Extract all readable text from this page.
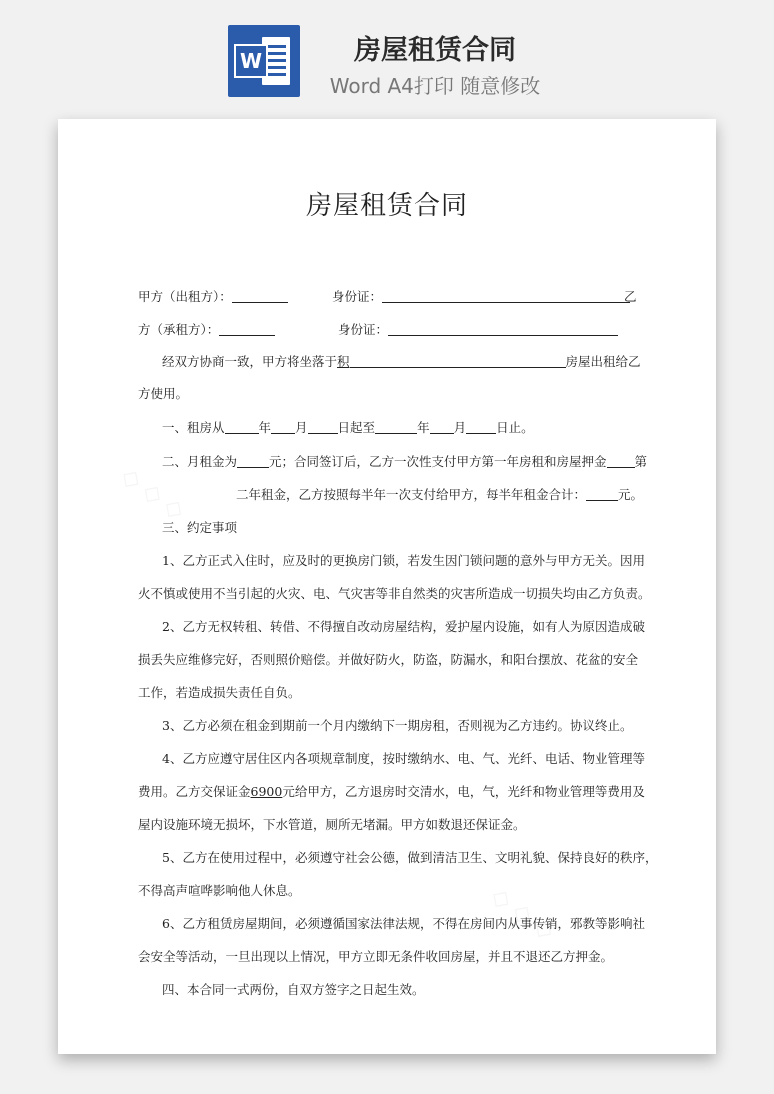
W	房屋租赁合同
Word A4打印 随意修改
房屋租赁合同
甲方（出租方）：	身份证：	乙
方（承租方）：	身份证：
经双方协商一致，甲方将坐落于积	房屋出租给乙
方使用。
一、租房从	年 月 日起至	年 月 日止。
二、月租金为	元；合同签订后，乙方一次性支付甲方第一年房租和房屋押金 第
二年租金，乙方按照每半年一次支付给甲方，每半年租金合计：	元。
三、约定事项
1、乙方正式入住时，应及时的更换房门锁，若发生因门锁问题的意外与甲方无关。因用
火不慎或使用不当引起的火灾、电、气灾害等非自然类的灾害所造成一切损失均由乙方负责。
2、乙方无权转租、转借、不得擅自改动房屋结构，爱护屋内设施，如有人为原因造成破
损丢失应维修完好，否则照价赔偿。并做好防火，防盗，防漏水，和阳台摆放、花盆的安全
工作，若造成损失责任自负。
3、乙方必须在租金到期前一个月内缴纳下一期房租，否则视为乙方违约。协议终止。
4、乙方应遵守居住区内各项规章制度，按时缴纳水、电、气、光纤、电话、物业管理等
费用。乙方交保证金6900元给甲方，乙方退房时交清水，电，气，光纤和物业管理等费用及
屋内设施环境无损坏，下水管道，厕所无堵漏。甲方如数退还保证金。
5、乙方在使用过程中，必须遵守社会公德，做到清洁卫生、文明礼貌、保持良好的秩序，
不得高声喧哗影响他人休息。
6、乙方租赁房屋期间，必须遵循国家法律法规，不得在房间内从事传销，邪教等影响社
会安全等活动，一旦出现以上情况，甲方立即无条件收回房屋，并且不退还乙方押金。
四、本合同一式两份，自双方签字之日起生效。
